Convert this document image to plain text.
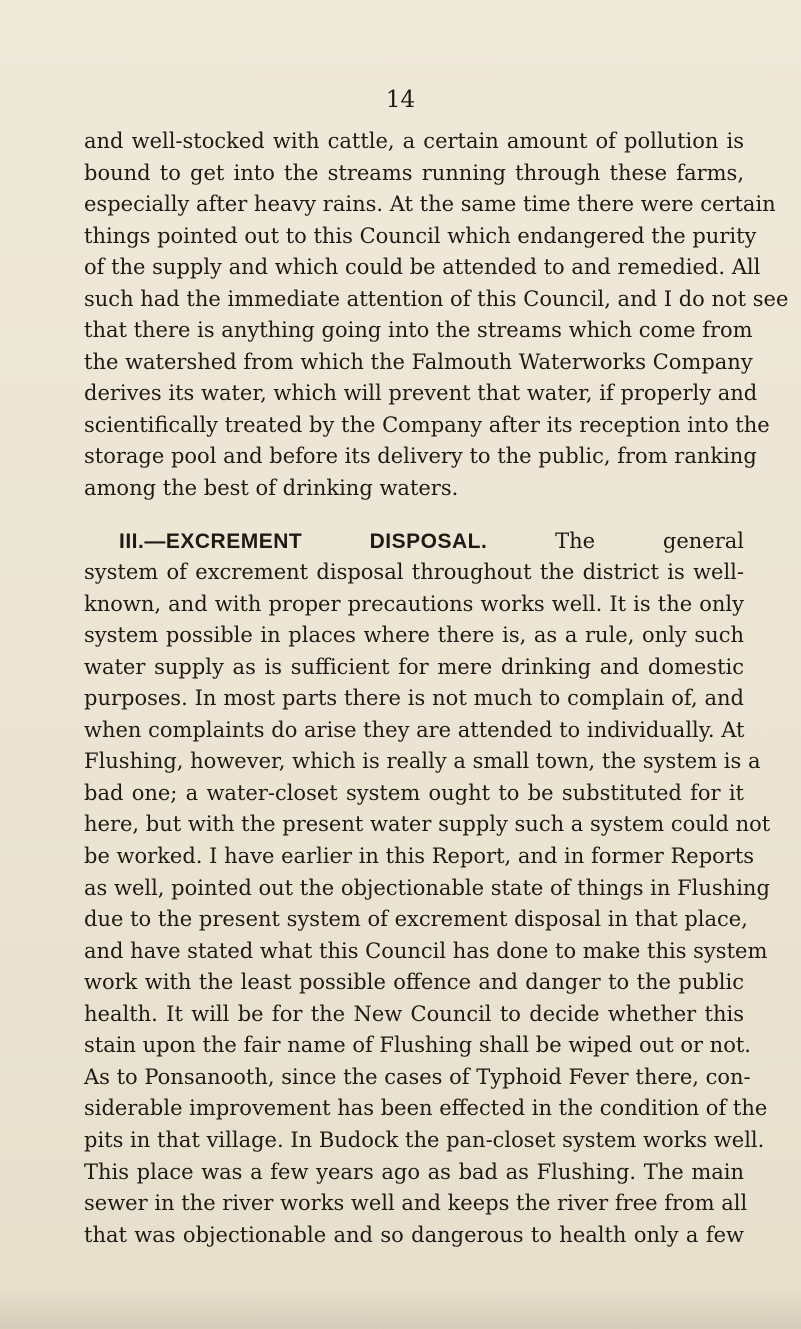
14
and well-stocked with cattle, a certain amount of pollution is
bound to get into the streams running through these farms,
especially after heavy rains. At the same time there were certain
things pointed out to this Council which endangered the purity
of the supply and which could be attended to and remedied. All
such had the immediate attention of this Council, and I do not see
that there is anything going into the streams which come from
the watershed from which the Falmouth Waterworks Company
derives its water, which will prevent that water, if properly and
scientifically treated by the Company after its reception into the
storage pool and before its delivery to the public, from ranking
among the best of drinking waters.
III.—EXCREMENT DISPOSAL.	The general
system of excrement disposal throughout the district is well-
known, and with proper precautions works well. It is the only
system possible in places where there is, as a rule, only such
water supply as is sufficient for mere drinking and domestic
purposes. In most parts there is not much to complain of, and
when complaints do arise they are attended to individually. At
Flushing, however, which is really a small town, the system is a
bad one; a water-closet system ought to be substituted for it
here, but with the present water supply such a system could not
be worked. I have earlier in this Report, and in former Reports
as well, pointed out the objectionable state of things in Flushing
due to the present system of excrement disposal in that place,
and have stated what this Council has done to make this system
work with the least possible offence and danger to the public
health. It will be for the New Council to decide whether this
stain upon the fair name of Flushing shall be wiped out or not.
As to Ponsanooth, since the cases of Typhoid Fever there, con-
siderable improvement has been effected in the condition of the
pits in that village. In Budock the pan-closet system works well.
This place was a few years ago as bad as Flushing. The main
sewer in the river works well and keeps the river free from all
that was objectionable and so dangerous to health only a few
